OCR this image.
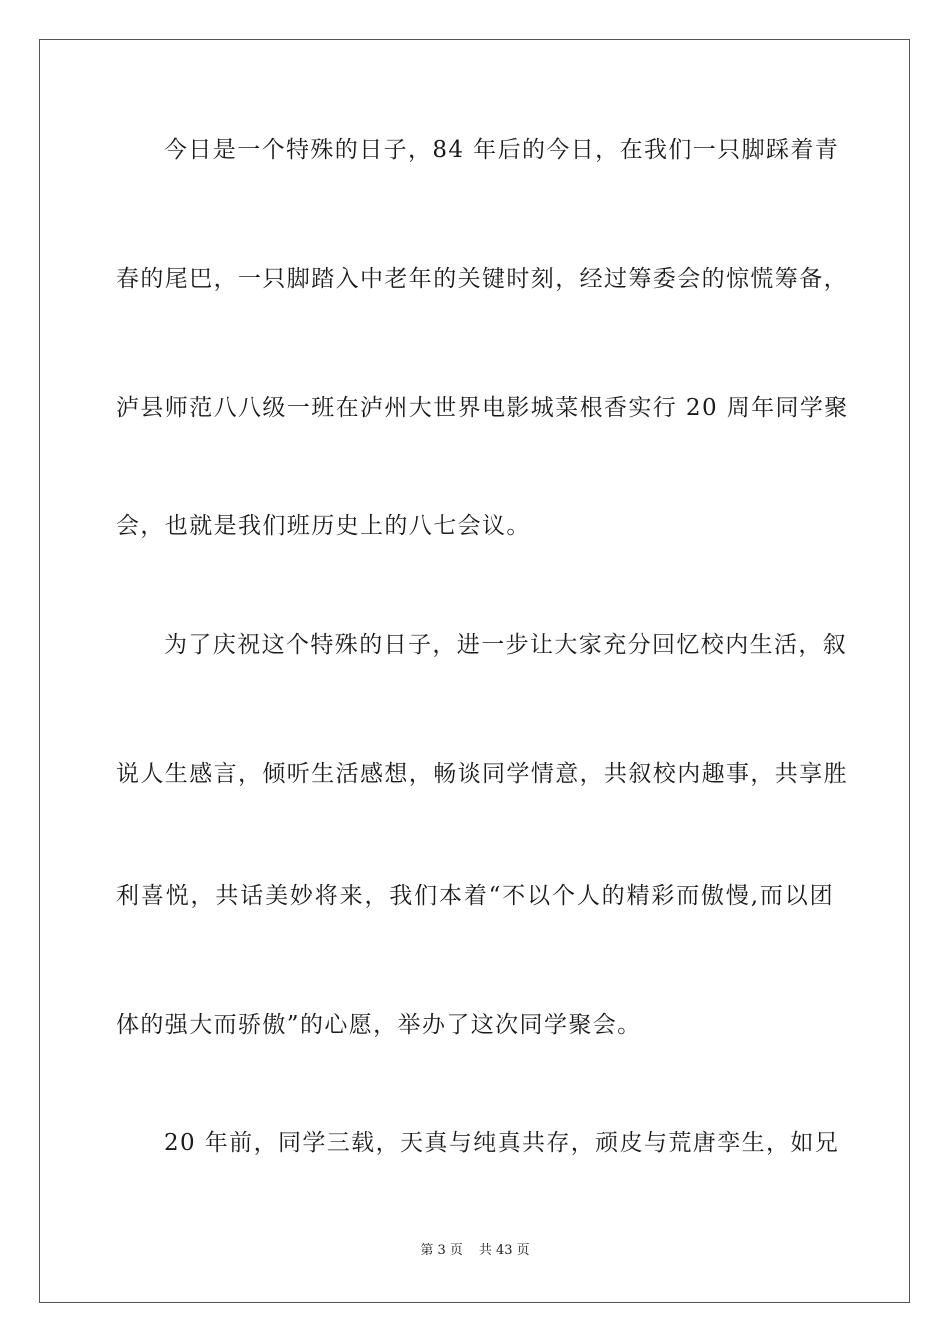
今日是一个特殊的日子，84 年后的今日，在我们一只脚踩着青
春的尾巴，一只脚踏入中老年的关键时刻，经过筹委会的惊慌筹备，
泸县师范八八级一班在泸州大世界电影城菜根香实行 20 周年同学聚
会，也就是我们班历史上的八七会议。
为了庆祝这个特殊的日子，进一步让大家充分回忆校内生活，叙
说人生感言，倾听生活感想，畅谈同学情意，共叙校内趣事，共享胜
利喜悦，共话美妙将来，我们本着“不以个人的精彩而傲慢,而以团
体的强大而骄傲”的心愿，举办了这次同学聚会。
20 年前，同学三载，天真与纯真共存，顽皮与荒唐孪生，如兄
第 3 页 共 43 页
